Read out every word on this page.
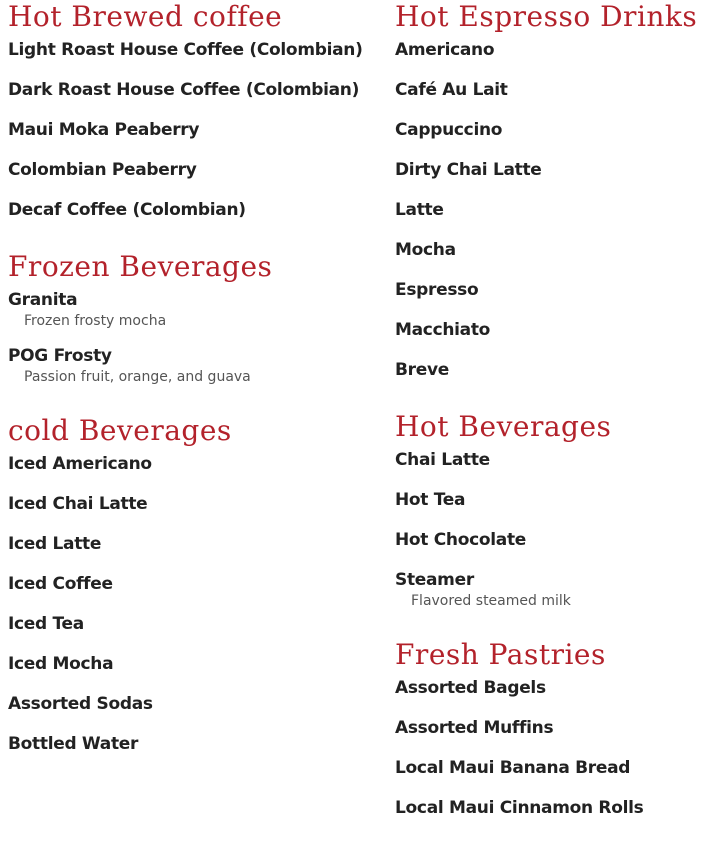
Hot Brewed coffee
Light Roast House Coffee (Colombian)
Dark Roast House Coffee (Colombian)
Maui Moka Peaberry
Colombian Peaberry
Decaf Coffee (Colombian)
Frozen Beverages
Granita
Frozen frosty mocha
POG Frosty
Passion fruit, orange, and guava
cold Beverages
Iced Americano
Iced Chai Latte
Iced Latte
Iced Coffee
Iced Tea
Iced Mocha
Assorted Sodas
Bottled Water
Hot Espresso Drinks
Americano
Café Au Lait
Cappuccino
Dirty Chai Latte
Latte
Mocha
Espresso
Macchiato
Breve
Hot Beverages
Chai Latte
Hot Tea
Hot Chocolate
Steamer
Flavored steamed milk
Fresh Pastries
Assorted Bagels
Assorted Muffins
Local Maui Banana Bread
Local Maui Cinnamon Rolls
